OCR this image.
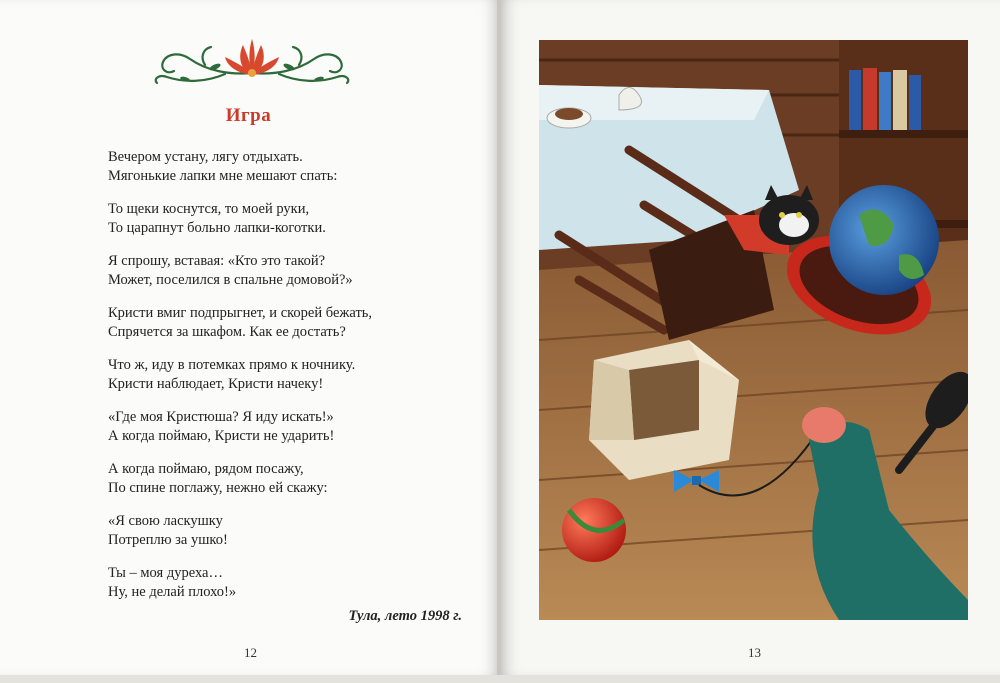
Игра
Вечером устану, лягу отдыхать.
Мягонькие лапки мне мешают спать:
То щеки коснутся, то моей руки,
То царапнут больно лапки-коготки.
Я спрошу, вставая: «Кто это такой?
Может, поселился в спальне домовой?»
Кристи вмиг подпрыгнет, и скорей бежать,
Спрячется за шкафом. Как ее достать?
Что ж, иду в потемках прямо к ночнику.
Кристи наблюдает, Кристи начеку!
«Где моя Кристюша? Я иду искать!»
А когда поймаю, Кристи не ударить!
А когда поймаю, рядом посажу,
По спине поглажу, нежно ей скажу:
«Я свою ласкушку
Потреплю за ушко!
Ты – моя дуреха…
Ну, не делай плохо!»
Тула, лето 1998 г.
12	13
